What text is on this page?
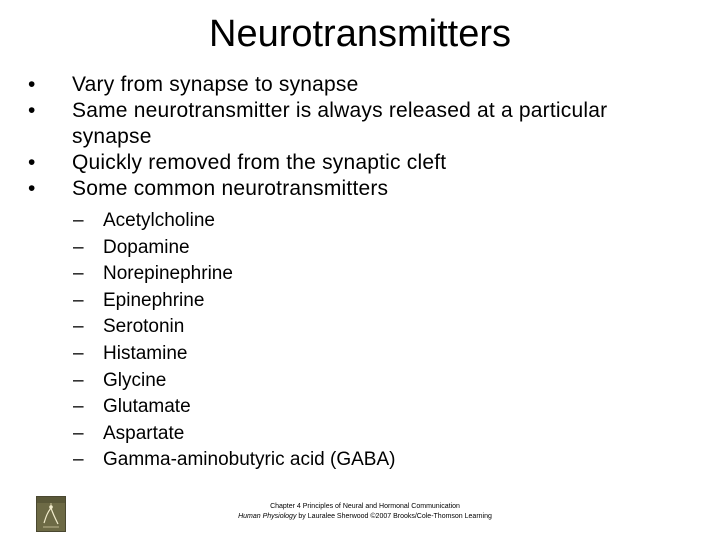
Neurotransmitters
•	Vary from synapse to synapse
•	Same neurotransmitter is always released at a particular synapse
•	Quickly removed from the synaptic cleft
•	Some common neurotransmitters
– Acetylcholine
– Dopamine
– Norepinephrine
– Epinephrine
– Serotonin
– Histamine
– Glycine
– Glutamate
– Aspartate
– Gamma-aminobutyric acid (GABA)
Chapter 4 Principles of Neural and Hormonal Communication
Human Physiology by Lauralee Sherwood ©2007 Brooks/Cole-Thomson Learning
